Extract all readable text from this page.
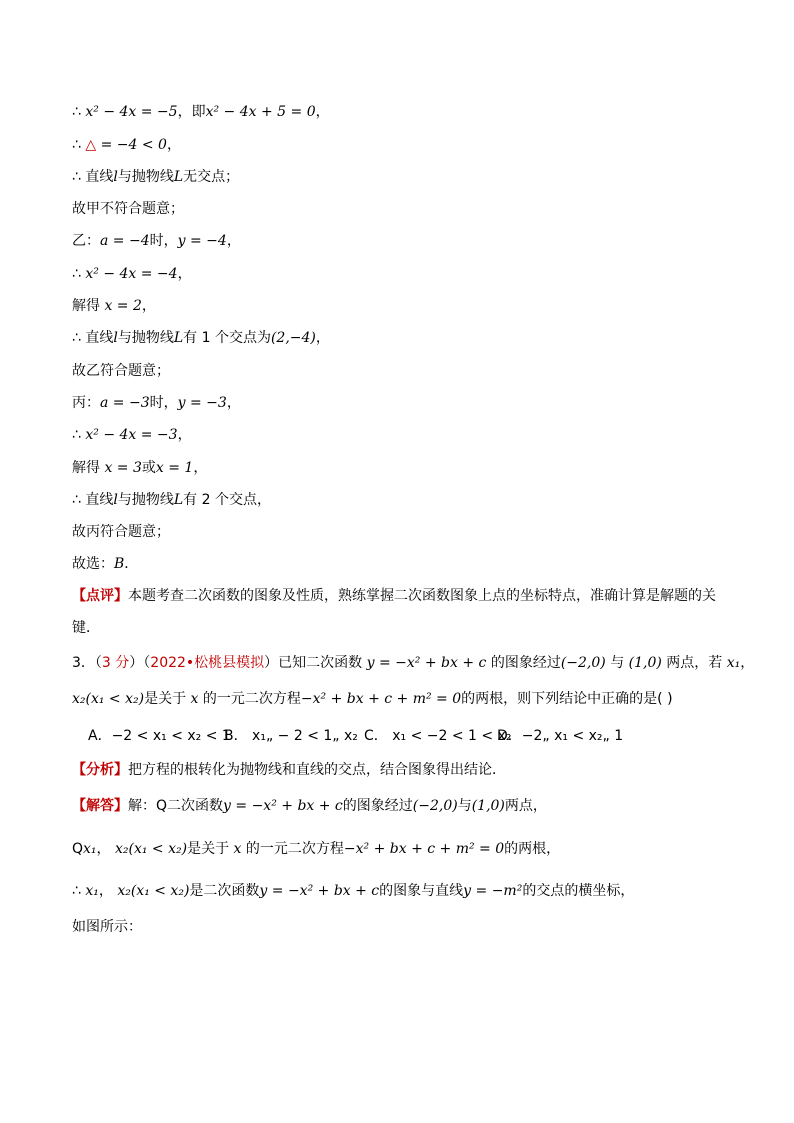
∴ x² − 4x = −5，即x² − 4x + 5 = 0，
∴ △ = −4 < 0，
∴ 直线l与抛物线L无交点；
故甲不符合题意；
乙：a = −4时，y = −4，
∴ x² − 4x = −4，
解得 x = 2，
∴ 直线l与抛物线L有 1 个交点为(2,−4)，
故乙符合题意；
丙：a = −3时，y = −3，
∴ x² − 4x = −3，
解得 x = 3或x = 1，
∴ 直线l与抛物线L有 2 个交点，
故丙符合题意；
故选：B．
【点评】本题考查二次函数的图象及性质，熟练掌握二次函数图象上点的坐标特点，准确计算是解题的关
键．
3．（3 分）（2022•松桃县模拟）已知二次函数 y = −x² + bx + c 的图象经过(−2,0) 与 (1,0) 两点，若 x₁，
x₂(x₁ < x₂)是关于 x 的一元二次方程−x² + bx + c + m² = 0的两根，则下列结论中正确的是( )
A．−2 < x₁ < x₂ < 1
B． x₁„ − 2 < 1„ x₂ C． x₁ < −2 < 1 < x₂
D．−2„ x₁ < x₂„ 1
【分析】把方程的根转化为抛物线和直线的交点，结合图象得出结论．
【解答】解：Q二次函数y = −x² + bx + c的图象经过(−2,0)与(1,0)两点，
Qx₁， x₂(x₁ < x₂)是关于 x 的一元二次方程−x² + bx + c + m² = 0的两根，
∴ x₁， x₂(x₁ < x₂)是二次函数y = −x² + bx + c的图象与直线y = −m²的交点的横坐标，
如图所示：
